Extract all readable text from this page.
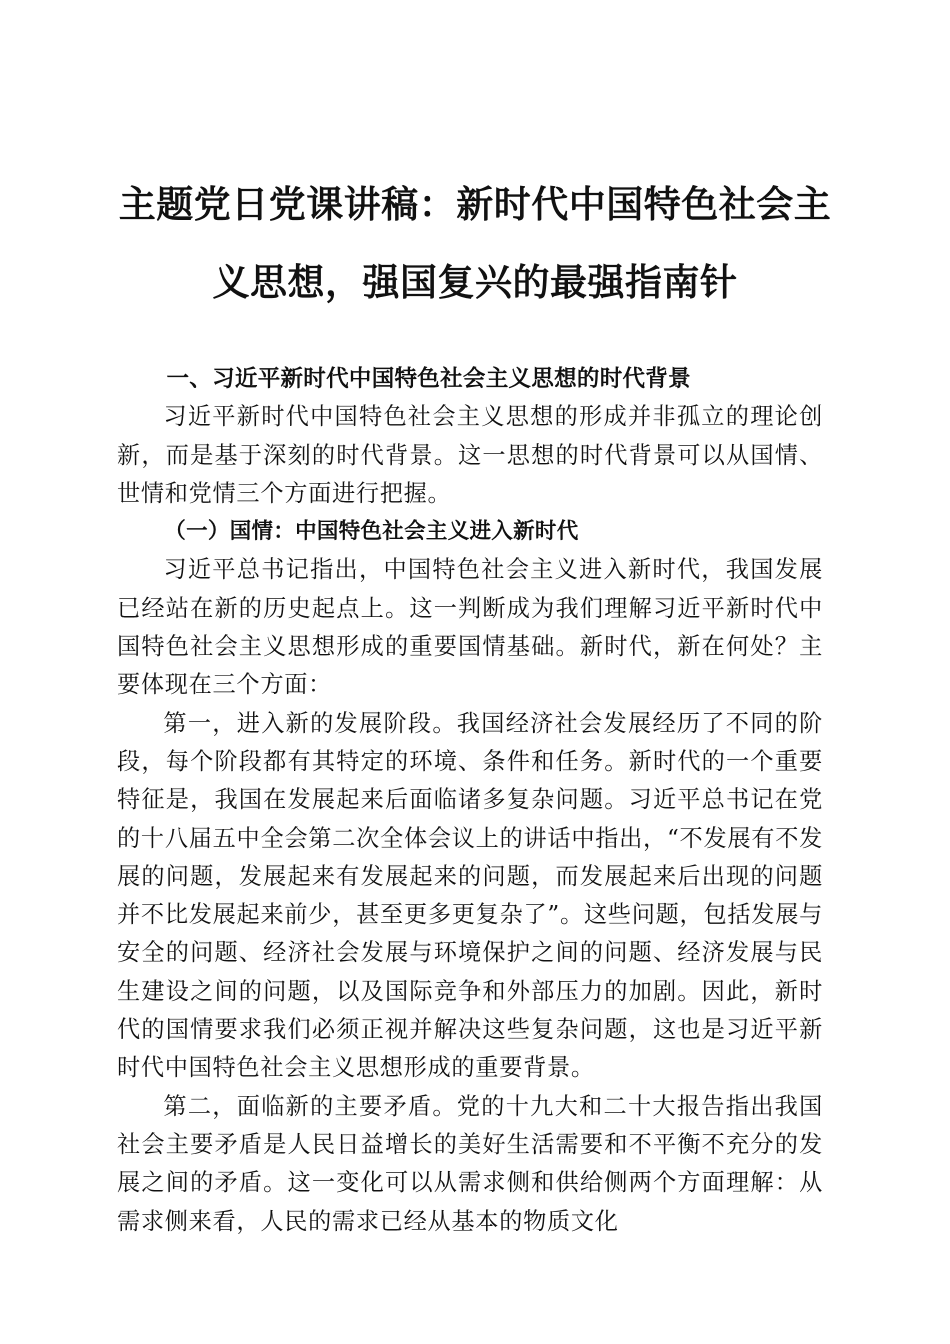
主题党日党课讲稿：新时代中国特色社会主义思想，强国复兴的最强指南针
一、习近平新时代中国特色社会主义思想的时代背景

习近平新时代中国特色社会主义思想的形成并非孤立的理论创新，而是基于深刻的时代背景。这一思想的时代背景可以从国情、世情和党情三个方面进行把握。

（一）国情：中国特色社会主义进入新时代

习近平总书记指出，中国特色社会主义进入新时代，我国发展已经站在新的历史起点上。这一判断成为我们理解习近平新时代中国特色社会主义思想形成的重要国情基础。新时代，新在何处？主要体现在三个方面：

第一，进入新的发展阶段。我国经济社会发展经历了不同的阶段，每个阶段都有其特定的环境、条件和任务。新时代的一个重要特征是，我国在发展起来后面临诸多复杂问题。习近平总书记在党的十八届五中全会第二次全体会议上的讲话中指出，“不发展有不发展的问题，发展起来有发展起来的问题，而发展起来后出现的问题并不比发展起来前少，甚至更多更复杂了”。这些问题，包括发展与安全的问题、经济社会发展与环境保护之间的问题、经济发展与民生建设之间的问题，以及国际竞争和外部压力的加剧。因此，新时代的国情要求我们必须正视并解决这些复杂问题，这也是习近平新时代中国特色社会主义思想形成的重要背景。

第二，面临新的主要矛盾。党的十九大和二十大报告指出我国社会主要矛盾是人民日益增长的美好生活需要和不平衡不充分的发展之间的矛盾。这一变化可以从需求侧和供给侧两个方面理解：从需求侧来看，人民的需求已经从基本的物质文化
